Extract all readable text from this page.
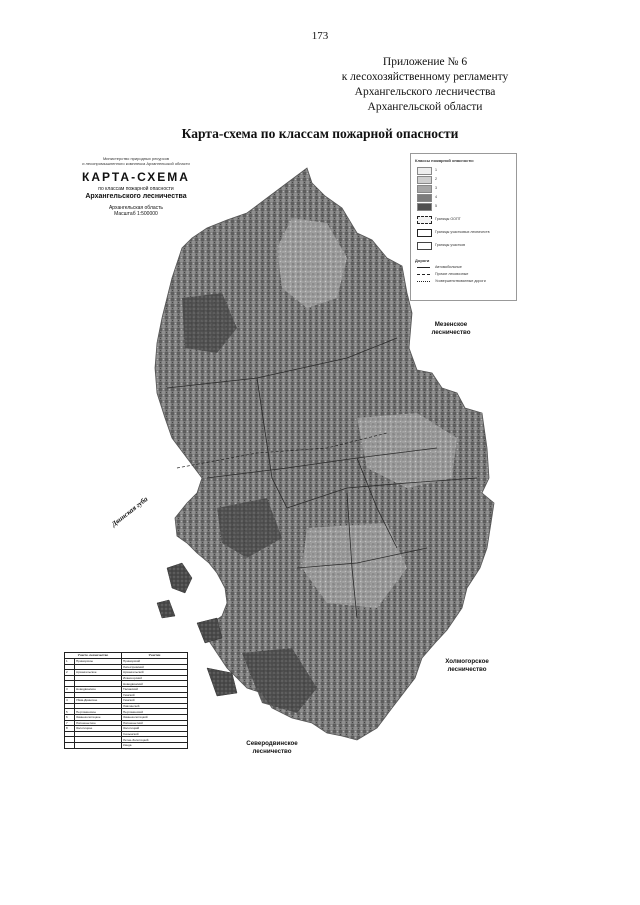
173
Приложение № 6
к лесохозяйственному регламенту
Архангельского лесничества
Архангельской области
Карта-схема по классам пожарной опасности
Министерство природных ресурсов
и лесопромышленного комплекса Архангельской области
КАРТА-СХЕМА
по классам пожарной опасности
Архангельского лесничества
Архангельская область
Масштаб 1:500000
Классы пожарной опасности:
1
2
3
4
5
Границы ООПТ
Границы участковых лесничеств
Границы участков
Дороги
Автомобильные
Прочие лесовозные
Усовершенствованные дороги
Мезенское лесничество
Холмогорское лесничество
Северодвинское лесничество
Двинская губа
Участк. лесничество		Участки
1	Приморское	Приморский
		Лисестровский
2	Архангельское	Архангельский
		Исакогорский
		Новодвинский
3	Новодвинское	Талажский
		Уемский
4	Уйма-Двинское	Уемский
		Лявлинский
5	Пертоминское	Пертоминский
6	Зимнезолотицкое	Зимнезолотицкий
7	Лопшеньгское	Лопшеньгский
8	Золотицкое	Золотицкий
		Сюзьмский
		Летне-Золотицкий
		Кянда
